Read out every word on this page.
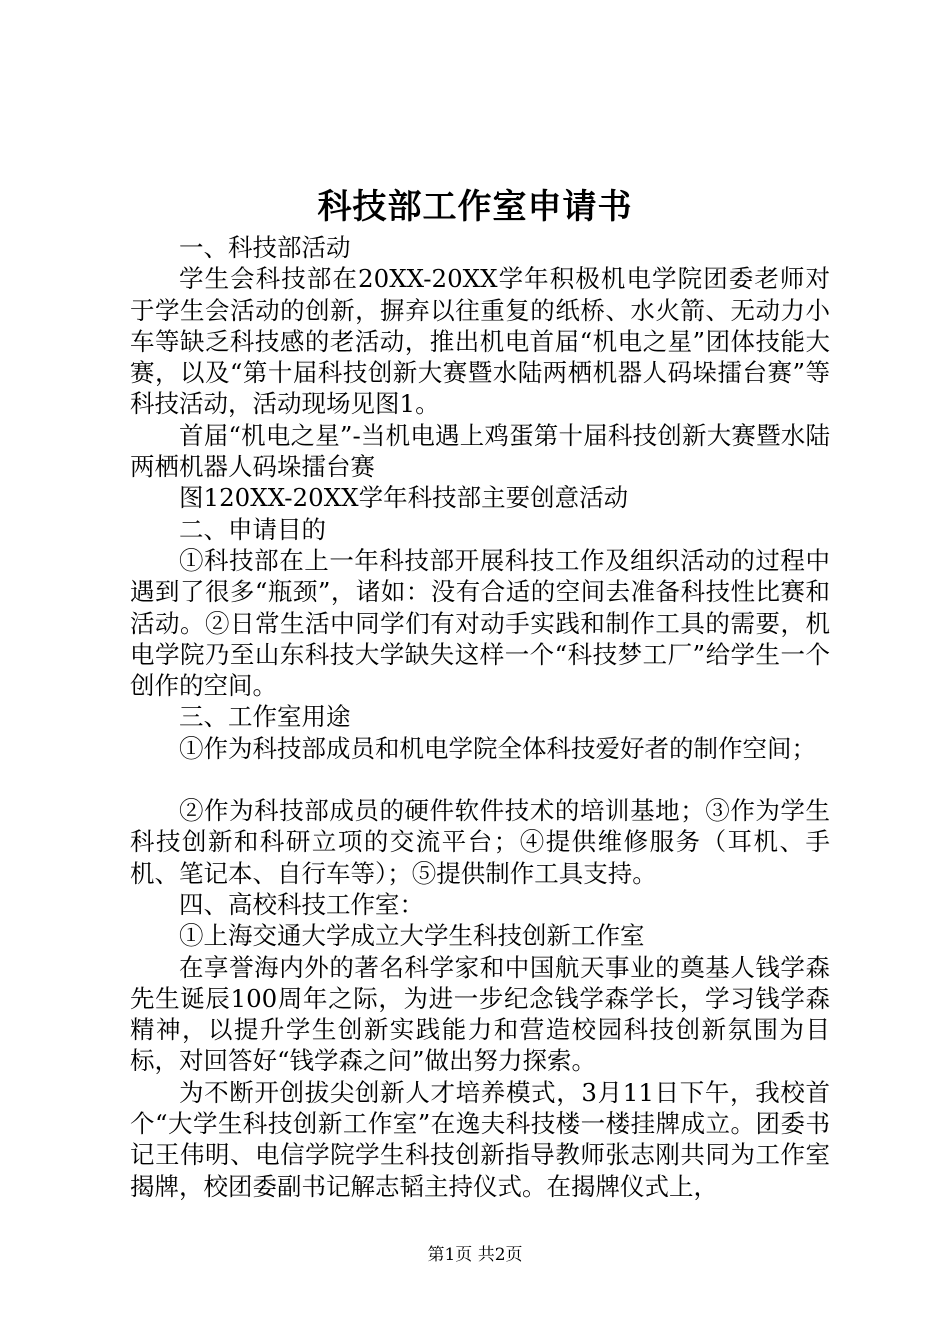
科技部工作室申请书

一、科技部活动

学生会科技部在20XX-20XX学年积极机电学院团委老师对于学生会活动的创新，摒弃以往重复的纸桥、水火箭、无动力小车等缺乏科技感的老活动，推出机电首届“机电之星”团体技能大赛，以及“第十届科技创新大赛暨水陆两栖机器人码垛擂台赛”等科技活动，活动现场见图1。

首届“机电之星”-当机电遇上鸡蛋第十届科技创新大赛暨水陆两栖机器人码垛擂台赛

图120XX-20XX学年科技部主要创意活动

二、申请目的

①科技部在上一年科技部开展科技工作及组织活动的过程中遇到了很多“瓶颈”，诸如：没有合适的空间去准备科技性比赛和活动。②日常生活中同学们有对动手实践和制作工具的需要，机电学院乃至山东科技大学缺失这样一个“科技梦工厂”给学生一个创作的空间。

三、工作室用途

①作为科技部成员和机电学院全体科技爱好者的制作空间；

②作为科技部成员的硬件软件技术的培训基地；③作为学生科技创新和科研立项的交流平台；④提供维修服务（耳机、手机、笔记本、自行车等）；⑤提供制作工具支持。

四、高校科技工作室：

①上海交通大学成立大学生科技创新工作室

在享誉海内外的著名科学家和中国航天事业的奠基人钱学森先生诞辰100周年之际，为进一步纪念钱学森学长，学习钱学森精神，以提升学生创新实践能力和营造校园科技创新氛围为目标，对回答好“钱学森之问”做出努力探索。

为不断开创拔尖创新人才培养模式，3月11日下午，我校首个“大学生科技创新工作室”在逸夫科技楼一楼挂牌成立。团委书记王伟明、电信学院学生科技创新指导教师张志刚共同为工作室揭牌，校团委副书记解志韬主持仪式。在揭牌仪式上，

第1页 共2页
